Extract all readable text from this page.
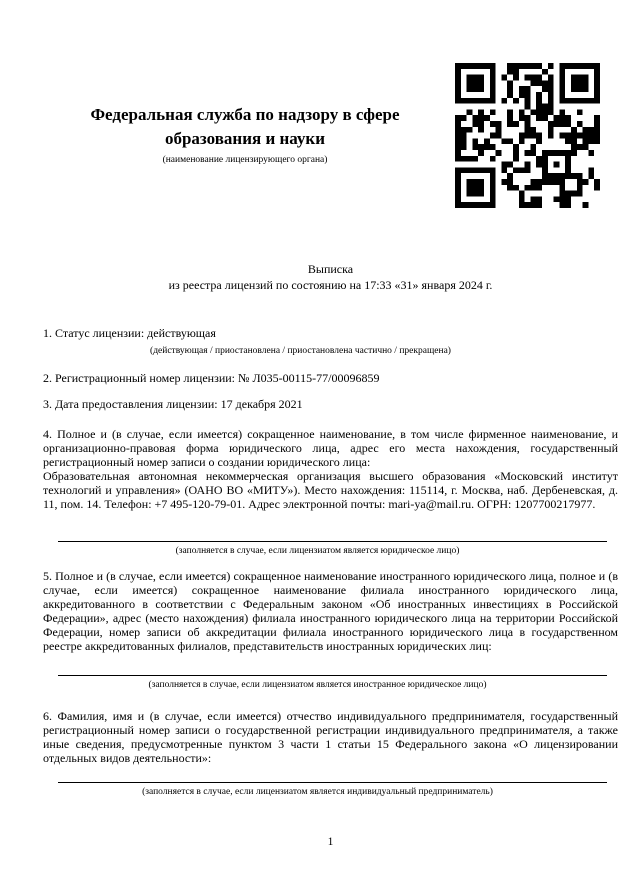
Федеральная служба по надзору в сфере образования и науки
(наименование лицензирующего органа)
Выписка
из реестра лицензий по состоянию на 17:33 «31» января 2024 г.

1. Статус лицензии: действующая

(действующая / приостановлена / приостановлена частично / прекращена)

2. Регистрационный номер лицензии: № Л035-00115-77/00096859

3. Дата предоставления лицензии: 17 декабря 2021

4. Полное и (в случае, если имеется) сокращенное наименование, в том числе фирменное наименование, и организационно-правовая форма юридического лица, адрес его места нахождения, государственный регистрационный номер записи о создании юридического лица:

Образовательная автономная некоммерческая организация высшего образования «Московский институт технологий и управления» (ОАНО ВО «МИТУ»). Место нахождения: 115114, г. Москва, наб. Дербеневская, д. 11, пом. 14. Телефон: +7 495-120-79-01. Адрес электронной почты: mari-ya@mail.ru. ОГРН: 1207700217977.

(заполняется в случае, если лицензиатом является юридическое лицо)

5. Полное и (в случае, если имеется) сокращенное наименование иностранного юридического лица, полное и (в случае, если имеется) сокращенное наименование филиала иностранного юридического лица, аккредитованного в соответствии с Федеральным законом «Об иностранных инвестициях в Российской Федерации», адрес (место нахождения) филиала иностранного юридического лица на территории Российской Федерации, номер записи об аккредитации филиала иностранного юридического лица в государственном реестре аккредитованных филиалов, представительств иностранных юридических лиц:

(заполняется в случае, если лицензиатом является иностранное юридическое лицо)

6. Фамилия, имя и (в случае, если имеется) отчество индивидуального предпринимателя, государственный регистрационный номер записи о государственной регистрации индивидуального предпринимателя, а также иные сведения, предусмотренные пунктом 3 части 1 статьи 15 Федерального закона «О лицензировании отдельных видов деятельности»:

(заполняется в случае, если лицензиатом является индивидуальный предприниматель)
1
